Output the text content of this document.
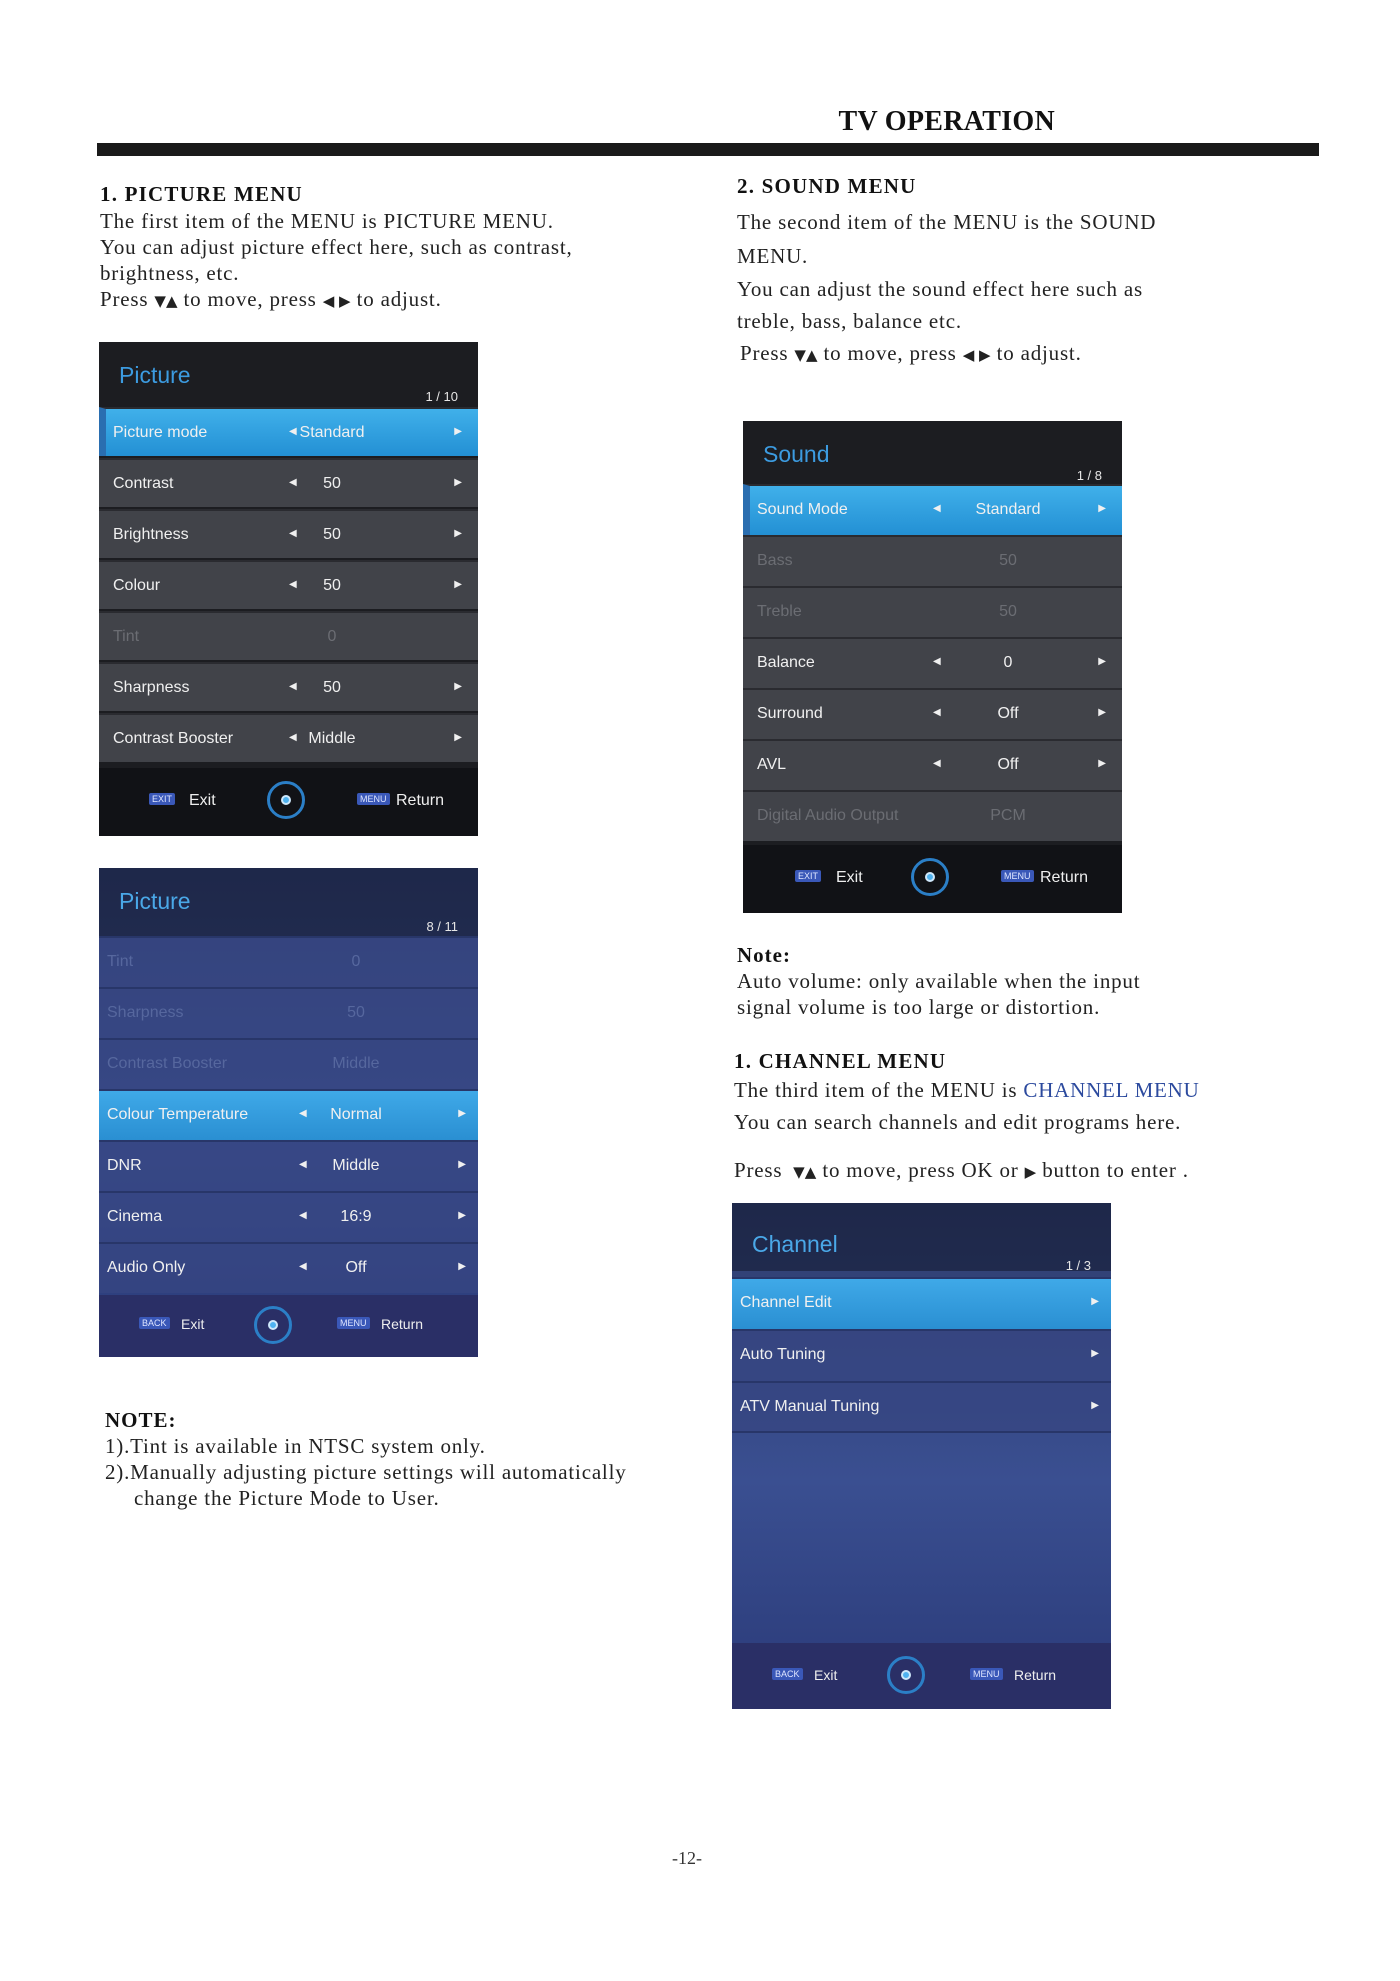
TV OPERATION
1. PICTURE MENU

The first item of the MENU is PICTURE MENU.

You can adjust picture effect here, such as contrast,

brightness, etc.

Press ▼▲ to move, press ◀ ▶ to adjust.

Picture
1 / 10
Picture mode	◀ Standard	▶
Contrast	◀	50	▶
Brightness	◀	50	▶
Colour	◀	50	▶
Tint	0
Sharpness	◀	50	▶
Contrast Booster	◀ Middle	▶
EXIT Exit	MENU Return
Picture
8 / 11
Tint	0
Sharpness	50
Contrast Booster	Middle
Colour Temperature	◀	Normal	▶
DNR	◀	Middle	▶
Cinema	◀	16:9	▶
Audio Only	◀	Off	▶
BACK Exit	MENU Return

NOTE:

1).Tint is available in NTSC system only.

2).Manually adjusting picture settings will automatically

change the Picture Mode to User.

2. SOUND MENU

The second item of the MENU is the SOUND

MENU.

You can adjust the sound effect here such as

treble, bass, balance etc.

Press ▼▲ to move, press ◀ ▶ to adjust.

Sound
1 / 8
Sound Mode	◀	Standard	▶
Bass	50
Treble	50
Balance	◀	0	▶
Surround	◀	Off	▶
AVL	◀	Off	▶
Digital Audio Output	PCM
EXIT Exit	MENU Return

Note:

Auto volume: only available when the input

signal volume is too large or distortion.

1. CHANNEL MENU

The third item of the MENU is CHANNEL MENU

You can search channels and edit programs here.

Press  ▼▲ to move, press OK or ▶ button to enter .

Channel
1 / 3
Channel Edit	▶
Auto Tuning	▶
ATV Manual Tuning	▶
BACK Exit	MENU Return
-12-
